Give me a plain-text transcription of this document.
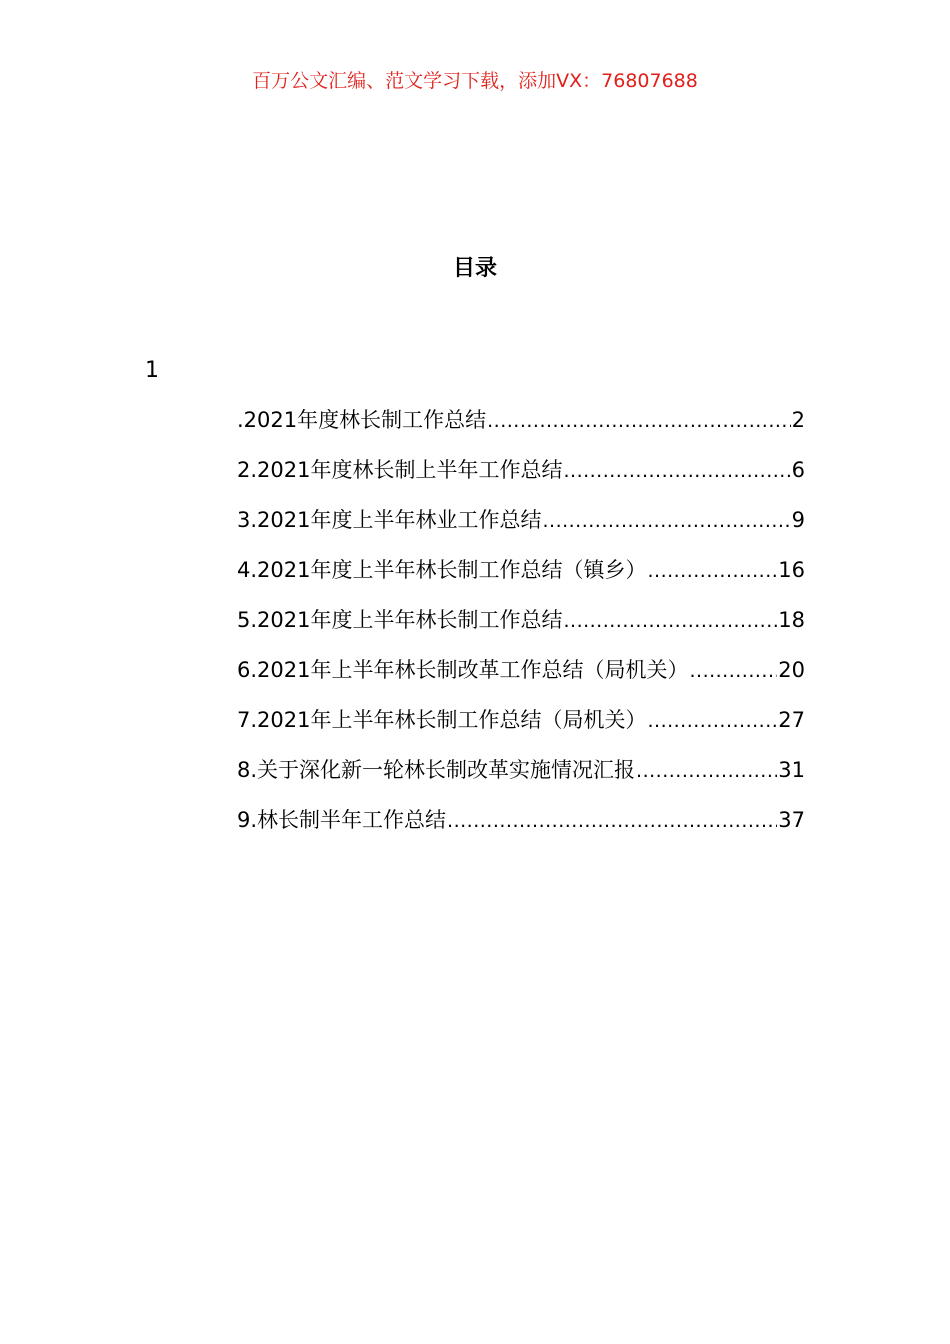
百万公文汇编、范文学习下载，添加VX：76807688
目录
1
.2021年度林长制工作总结 .....	2
2.2021年度林长制上半年工作总结 .....	6
3.2021年度上半年林业工作总结 .....	9
4.2021年度上半年林长制工作总结（镇乡） .....	16
5.2021年度上半年林长制工作总结 .....	18
6.2021年上半年林长制改革工作总结（局机关） .....	20
7.2021年上半年林长制工作总结（局机关） .....	27
8.关于深化新一轮林长制改革实施情况汇报 .....	31
9.林长制半年工作总结 .....	37
